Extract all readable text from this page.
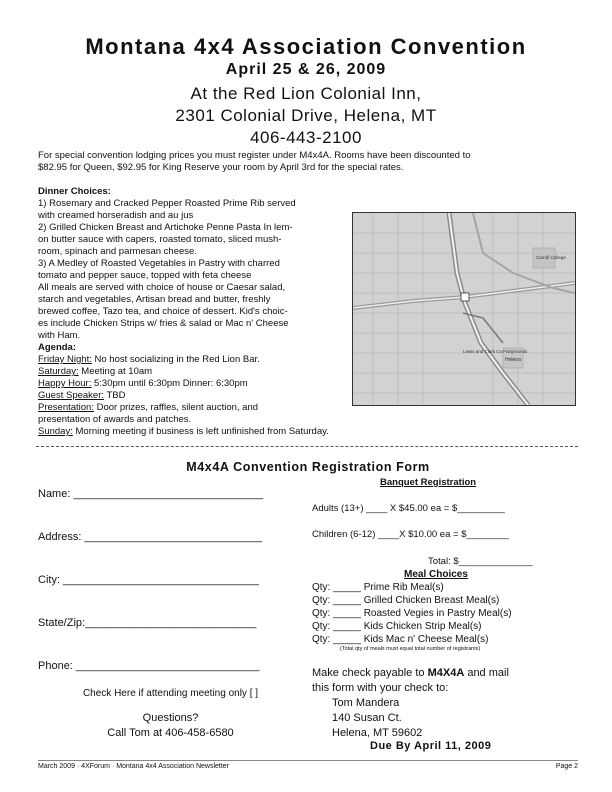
Montana 4x4 Association Convention
April 25 & 26, 2009
At the Red Lion Colonial Inn,
2301 Colonial Drive, Helena, MT
406-443-2100
For special convention lodging prices you must register under M4x4A. Rooms have been discounted to
$82.95 for Queen, $92.95 for King Reserve your room by April 3rd for the special rates.

Dinner Choices:

1) Rosemary and Cracked Pepper Roasted Prime Rib served

with creamed horseradish and au jus

2) Grilled Chicken Breast and Artichoke Penne Pasta In lem-

on butter sauce with capers, roasted tomato, sliced mush-

room, spinach and parmesan cheese.

3) A Medley of Roasted Vegetables in Pastry with charred

tomato and pepper sauce, topped with feta cheese

All meals are served with choice of house or Caesar salad,

starch and vegetables, Artisan bread and butter, freshly

brewed coffee, Tazo tea, and choice of dessert. Kid's choic-

es include Chicken Strips w/ fries & salad or Mac n' Cheese

with Ham.

Agenda:

Friday Night: No host socializing in the Red Lion Bar.

Saturday: Meeting at 10am

Happy Hour: 5:30pm until 6:30pm Dinner: 6:30pm

Guest Speaker: TBD

Presentation: Door prizes, raffles, silent auction, and

presentation of awards and patches.

Sunday: Morning meeting if business is left unfinished from Saturday.

Carroll College
Lewis and Clark Co Fairgrounds
Helena
M4x4A Convention Registration Form
Name: _______________________________
Address: _____________________________
City: ________________________________
State/Zip:____________________________
Phone: ______________________________
Check Here if attending meeting only [ ]
Questions?
Call Tom at 406-458-6580
Banquet Registration
Adults (13+) ____ X $45.00 ea = $_________
Children (6-12) ____X $10.00 ea = $________
Total: $______________
Meal Choices
Qty: _____ Prime Rib Meal(s)
Qty: _____ Grilled Chicken Breast Meal(s)
Qty: _____ Roasted Vegies in Pastry Meal(s)
Qty: _____ Kids Chicken Strip Meal(s)
Qty: _____ Kids Mac n' Cheese Meal(s)
(Total qty of meals must equal total number of registrants)
Make check payable to M4X4A and mail
this form with your check to:
Tom Mandera
140 Susan Ct.
Helena, MT 59602
Due By April 11, 2009
March 2009 · 4XForum · Montana 4x4 Association Newsletter	Page 2
